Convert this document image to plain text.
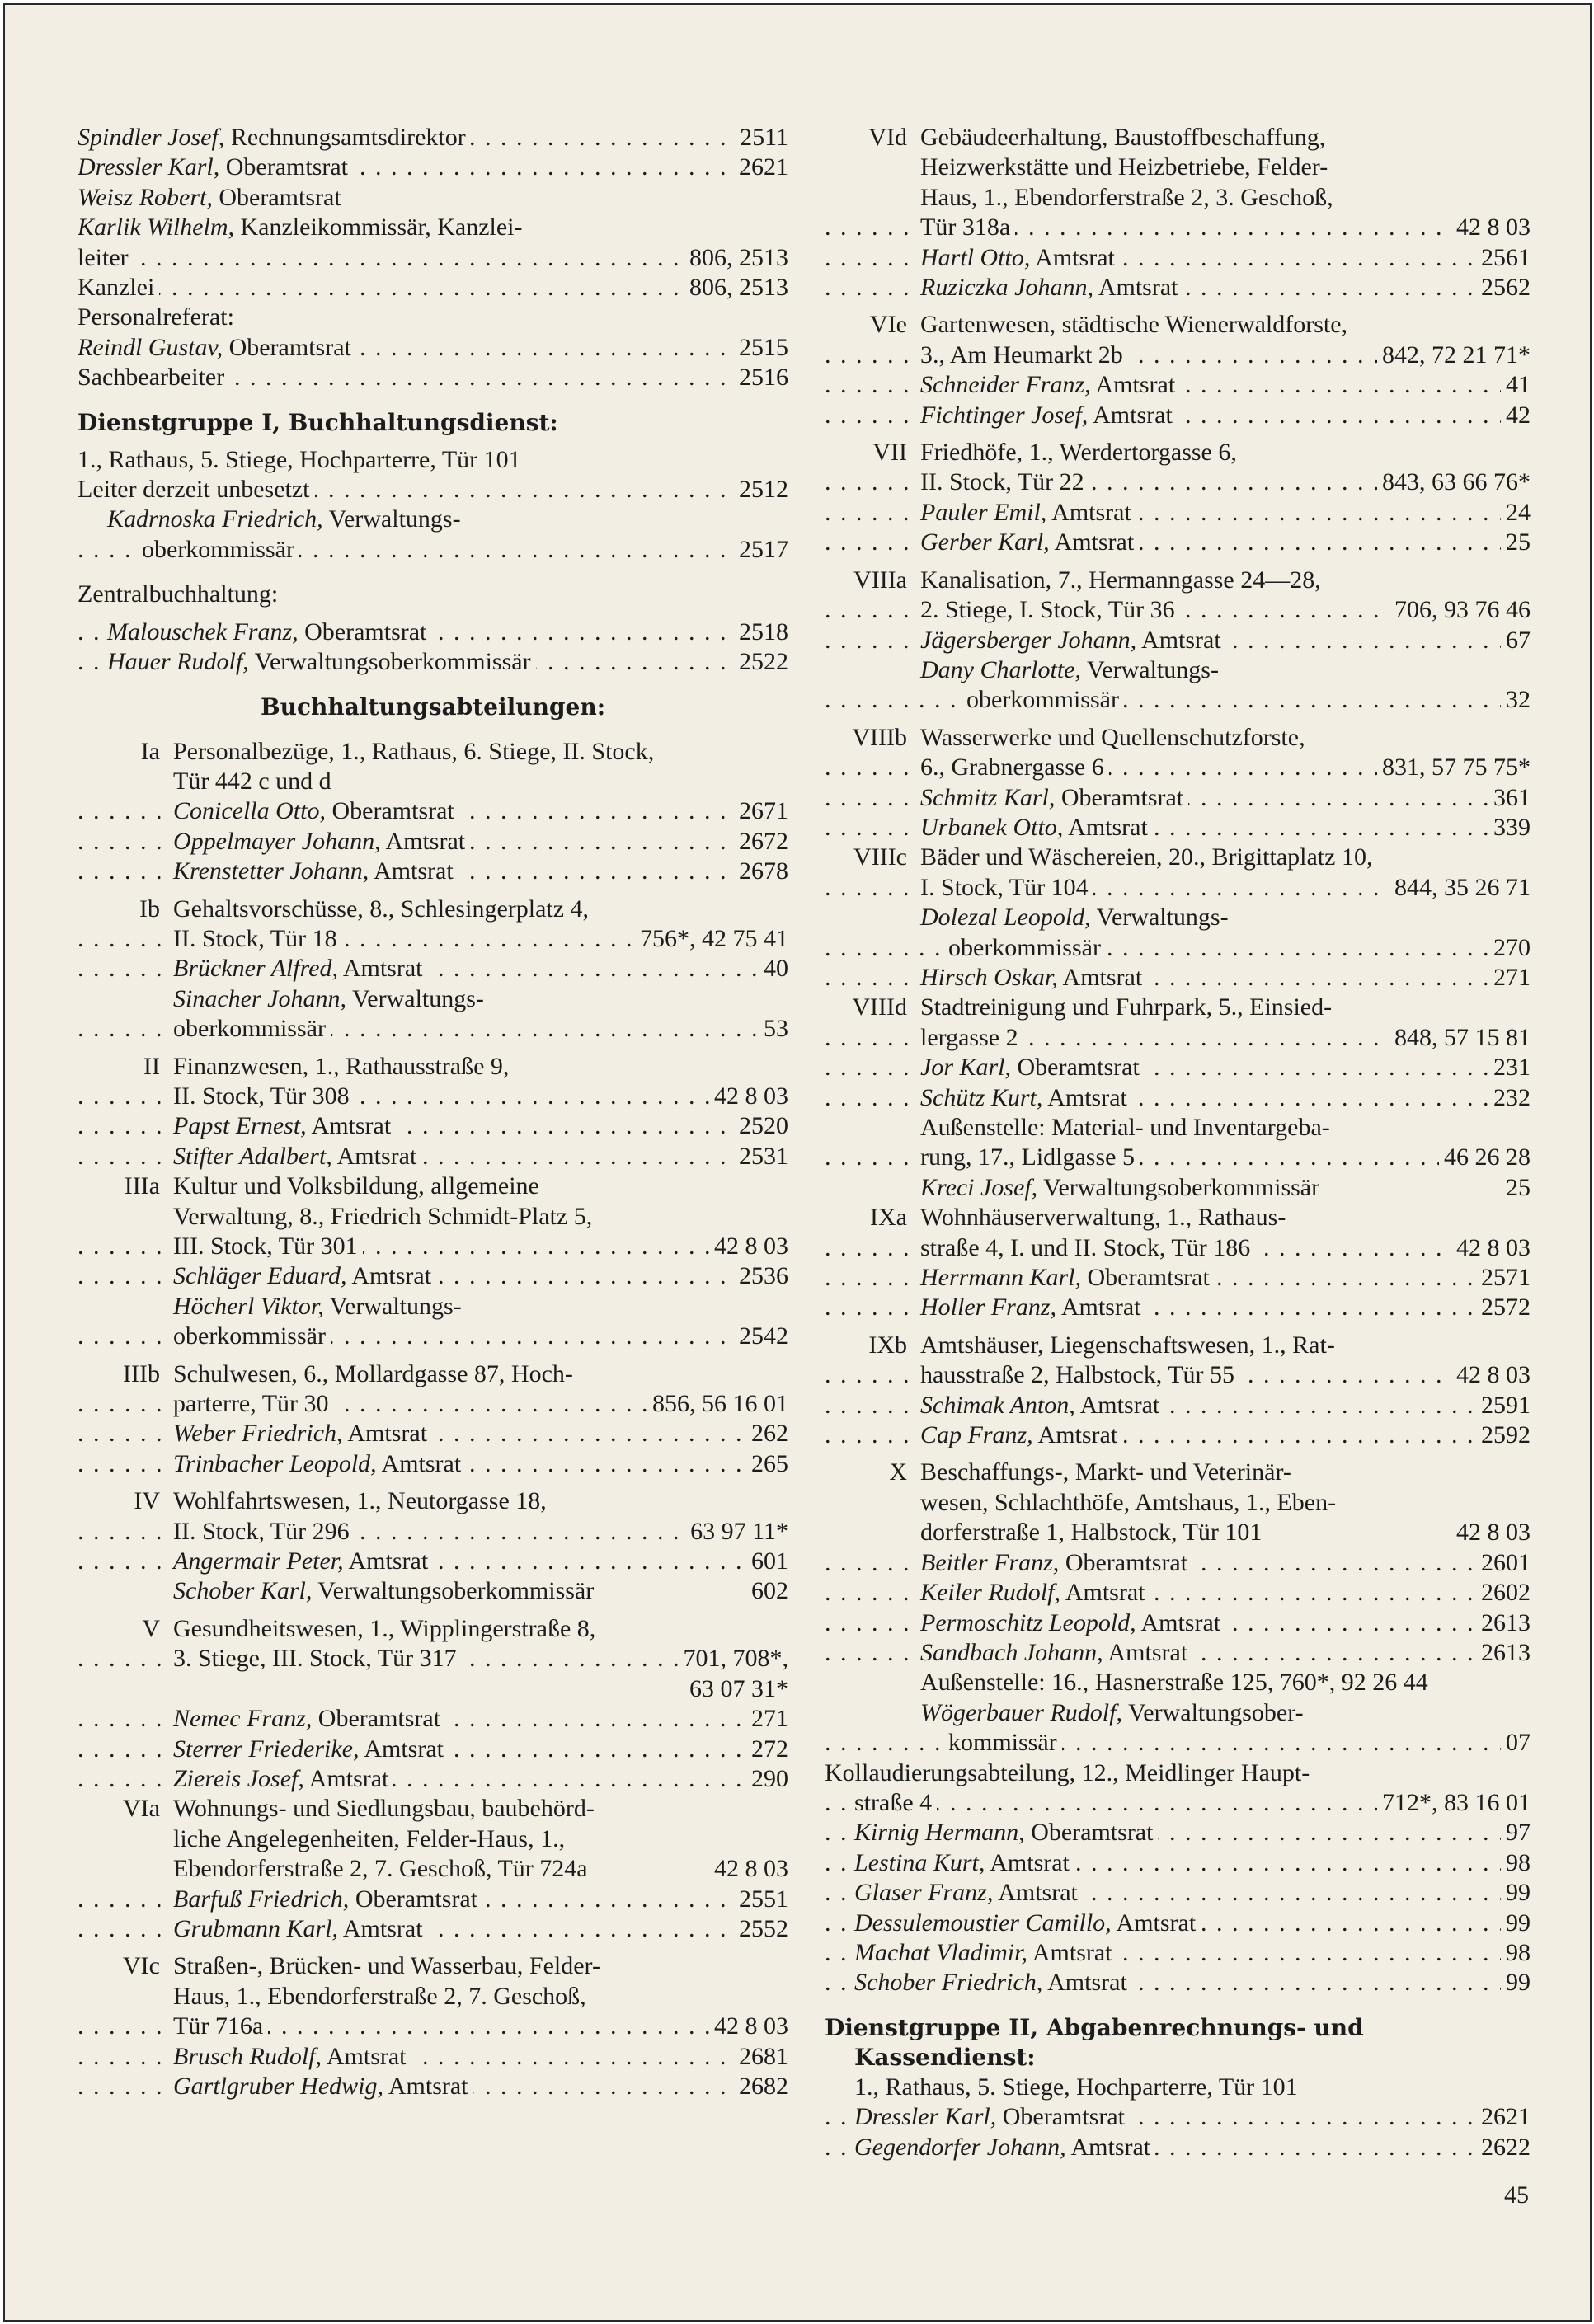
Spindler Josef, Rechnungsamtsdirektor	2511
. . .
Dressler Karl, Oberamtsrat	2621
. . .
Weisz Robert, Oberamtsrat
Karlik Wilhelm, Kanzleikommissär, Kanzlei-
leiter	806, 2513
. . .
Kanzlei	806, 2513
. . .
Personalreferat:
Reindl Gustav, Oberamtsrat	2515
. . .
Sachbearbeiter	2516
. . .
Dienstgruppe I, Buchhaltungsdienst:
1., Rathaus, 5. Stiege, Hochparterre, Tür 101
Leiter derzeit unbesetzt	2512
. . .
Kadrnoska Friedrich, Verwaltungs-
oberkommissär	2517
. . .
Zentralbuchhaltung:
Malouschek Franz, Oberamtsrat	2518
. . .
Hauer Rudolf, Verwaltungsoberkommissär	2522
. . .
Buchhaltungsabteilungen:
Ia Personalbezüge, 1., Rathaus, 6. Stiege, II. Stock,
Tür 442 c und d
Conicella Otto, Oberamtsrat	2671
. . .
Oppelmayer Johann, Amtsrat	2672
. . .
Krenstetter Johann, Amtsrat	2678
. . .
Ib Gehaltsvorschüsse, 8., Schlesingerplatz 4,
II. Stock, Tür 18	756*, 42 75 41
. . .
Brückner Alfred, Amtsrat	40
. . .
Sinacher Johann, Verwaltungs-
oberkommissär	53
. . .
II Finanzwesen, 1., Rathausstraße 9,
II. Stock, Tür 308	42 8 03
. . .
Papst Ernest, Amtsrat	2520
. . .
Stifter Adalbert, Amtsrat	2531
. . .
IIIa Kultur und Volksbildung, allgemeine
Verwaltung, 8., Friedrich Schmidt-Platz 5,
III. Stock, Tür 301	42 8 03
. . .
Schläger Eduard, Amtsrat	2536
. . .
Höcherl Viktor, Verwaltungs-
oberkommissär	2542
. . .
IIIb Schulwesen, 6., Mollardgasse 87, Hoch-
parterre, Tür 30	856, 56 16 01
. . .
Weber Friedrich, Amtsrat	262
. . .
Trinbacher Leopold, Amtsrat	265
. . .
IV Wohlfahrtswesen, 1., Neutorgasse 18,
II. Stock, Tür 296	63 97 11*
. . .
Angermair Peter, Amtsrat	601
. . .
Schober Karl, Verwaltungsoberkommissär	602
V Gesundheitswesen, 1., Wipplingerstraße 8,
3. Stiege, III. Stock, Tür 317	701, 708*,
. . .
63 07 31*

Nemec Franz, Oberamtsrat	271
. . .
Sterrer Friederike, Amtsrat	272
. . .
Ziereis Josef, Amtsrat	290
. . .
VIa Wohnungs- und Siedlungsbau, baubehörd-
liche Angelegenheiten, Felder-Haus, 1.,
Ebendorferstraße 2, 7. Geschoß, Tür 724a	42 8 03
Barfuß Friedrich, Oberamtsrat	2551
. . .
Grubmann Karl, Amtsrat	2552
. . .
VIc Straßen-, Brücken- und Wasserbau, Felder-
Haus, 1., Ebendorferstraße 2, 7. Geschoß,
Tür 716a	42 8 03
. . .
Brusch Rudolf, Amtsrat	2681
. . .
Gartlgruber Hedwig, Amtsrat	2682
. . .
VId Gebäudeerhaltung, Baustoffbeschaffung,
Heizwerkstätte und Heizbetriebe, Felder-
Haus, 1., Ebendorferstraße 2, 3. Geschoß,
Tür 318a	42 8 03
. . .
Hartl Otto, Amtsrat	2561
. . .
Ruziczka Johann, Amtsrat	2562
. . .
VIe Gartenwesen, städtische Wienerwaldforste,
3., Am Heumarkt 2b	842, 72 21 71*
. . .
Schneider Franz, Amtsrat	41
. . .
Fichtinger Josef, Amtsrat	42
. . .
VII Friedhöfe, 1., Werdertorgasse 6,
II. Stock, Tür 22	843, 63 66 76*
. . .
Pauler Emil, Amtsrat	24
. . .
Gerber Karl, Amtsrat	25
. . .
VIIIa Kanalisation, 7., Hermanngasse 24—28,
2. Stiege, I. Stock, Tür 36	706, 93 76 46
. . .
Jägersberger Johann, Amtsrat	67
. . .
Dany Charlotte, Verwaltungs-
oberkommissär	32
. . .
VIIIb Wasserwerke und Quellenschutzforste,
6., Grabnergasse 6	831, 57 75 75*
. . .
Schmitz Karl, Oberamtsrat	361
. . .
Urbanek Otto, Amtsrat	339
. . .
VIIIc Bäder und Wäschereien, 20., Brigittaplatz 10,
I. Stock, Tür 104	844, 35 26 71
. . .
Dolezal Leopold, Verwaltungs-
oberkommissär	270
. . .
Hirsch Oskar, Amtsrat	271
. . .
VIIId Stadtreinigung und Fuhrpark, 5., Einsied-
lergasse 2	848, 57 15 81
. . .
Jor Karl, Oberamtsrat	231
. . .
Schütz Kurt, Amtsrat	232
. . .
Außenstelle: Material- und Inventargeba-
rung, 17., Lidlgasse 5	46 26 28
. . .
Kreci Josef, Verwaltungsoberkommissär	25
IXa Wohnhäuserverwaltung, 1., Rathaus-
straße 4, I. und II. Stock, Tür 186	42 8 03
. . .
Herrmann Karl, Oberamtsrat	2571
. . .
Holler Franz, Amtsrat	2572
. . .
IXb Amtshäuser, Liegenschaftswesen, 1., Rat-
hausstraße 2, Halbstock, Tür 55	42 8 03
. . .
Schimak Anton, Amtsrat	2591
. . .
Cap Franz, Amtsrat	2592
. . .
X Beschaffungs-, Markt- und Veterinär-
wesen, Schlachthöfe, Amtshaus, 1., Eben-
dorferstraße 1, Halbstock, Tür 101	42 8 03
Beitler Franz, Oberamtsrat	2601
. . .
Keiler Rudolf, Amtsrat	2602
. . .
Permoschitz Leopold, Amtsrat	2613
. . .
Sandbach Johann, Amtsrat	2613
. . .
Außenstelle: 16., Hasnerstraße 125, 760*, 92 26 44
Wögerbauer Rudolf, Verwaltungsober-
kommissär	07
. . .
Kollaudierungsabteilung, 12., Meidlinger Haupt-
straße 4	712*, 83 16 01
. . .
Kirnig Hermann, Oberamtsrat	97
. . .
Lestina Kurt, Amtsrat	98
. . .
Glaser Franz, Amtsrat	99
. . .
Dessulemoustier Camillo, Amtsrat	99
. . .
Machat Vladimir, Amtsrat	98
. . .
Schober Friedrich, Amtsrat	99
. . .
Dienstgruppe II, Abgabenrechnungs- und
Kassendienst:
1., Rathaus, 5. Stiege, Hochparterre, Tür 101
Dressler Karl, Oberamtsrat	2621
. . .
Gegendorfer Johann, Amtsrat	2622
. . .
45
